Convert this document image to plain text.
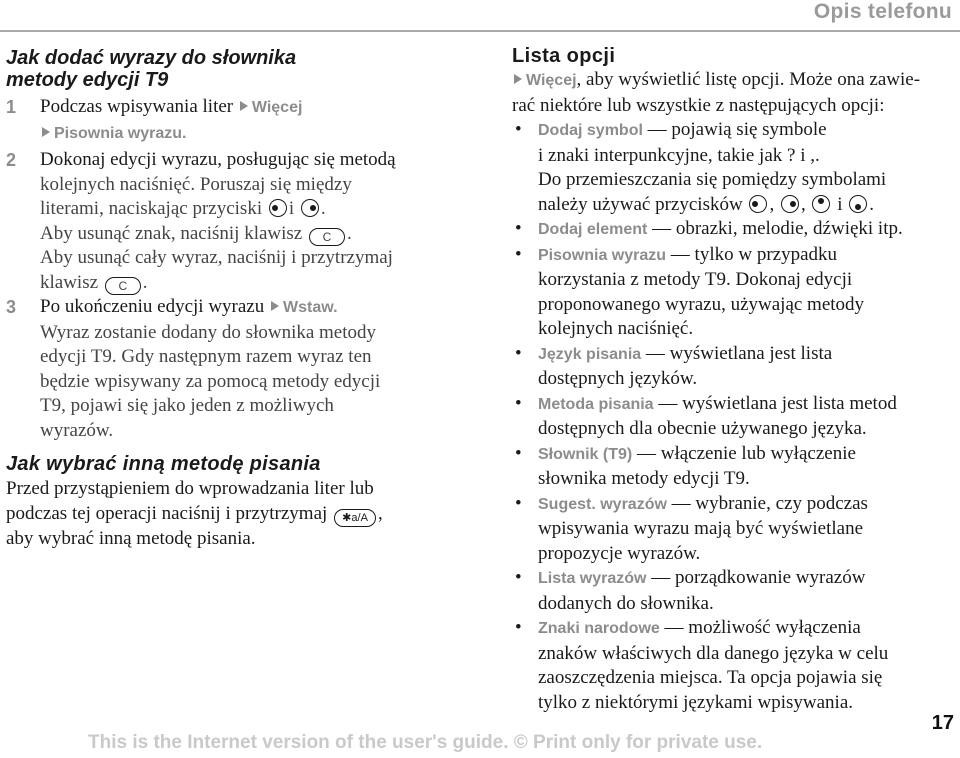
Opis telefonu
Jak dodać wyrazy do słownika
metody edycji T9
1 Podczas wpisywania liter Więcej
Pisownia wyrazu.
2 Dokonaj edycji wyrazu, posługując się metodą
kolejnych naciśnięć. Poruszaj się między
literami, naciskając przyciski i .
Aby usunąć znak, naciśnij klawisz C .
Aby usunąć cały wyraz, naciśnij i przytrzymaj
klawisz C .
3 Po ukończeniu edycji wyrazu Wstaw.
Wyraz zostanie dodany do słownika metody
edycji T9. Gdy następnym razem wyraz ten
będzie wpisywany za pomocą metody edycji
T9, pojawi się jako jeden z możliwych
wyrazów.
Jak wybrać inną metodę pisania
Przed przystąpieniem do wprowadzania liter lub
podczas tej operacji naciśnij i przytrzymaj ✱a/A ,
aby wybrać inną metodę pisania.
Lista opcji
Więcej, aby wyświetlić listę opcji. Może ona zawie-
rać niektóre lub wszystkie z następujących opcji:
• Dodaj symbol — pojawią się symbole
i znaki interpunkcyjne, takie jak ? i ,.
Do przemieszczania się pomiędzy symbolami
należy używać przycisków , , i .
• Dodaj element — obrazki, melodie, dźwięki itp.
• Pisownia wyrazu — tylko w przypadku
korzystania z metody T9. Dokonaj edycji
proponowanego wyrazu, używając metody
kolejnych naciśnięć.
• Język pisania — wyświetlana jest lista
dostępnych języków.
• Metoda pisania — wyświetlana jest lista metod
dostępnych dla obecnie używanego języka.
• Słownik (T9) — włączenie lub wyłączenie
słownika metody edycji T9.
• Sugest. wyrazów — wybranie, czy podczas
wpisywania wyrazu mają być wyświetlane
propozycje wyrazów.
• Lista wyrazów — porządkowanie wyrazów
dodanych do słownika.
• Znaki narodowe — możliwość wyłączenia
znaków właściwych dla danego języka w celu
zaoszczędzenia miejsca. Ta opcja pojawia się
tylko z niektórymi językami wpisywania.
17
This is the Internet version of the user's guide. © Print only for private use.
